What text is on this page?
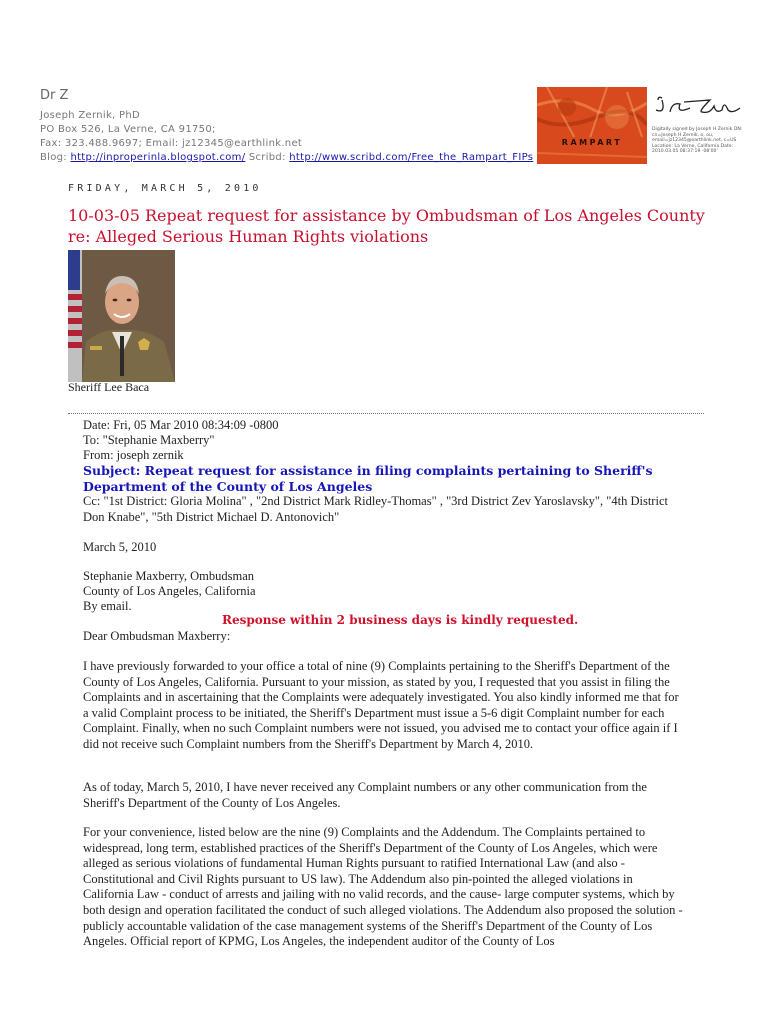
Dr Z
Joseph Zernik, PhD
PO Box 526, La Verne, CA 91750;
Fax: 323.488.9697; Email: jz12345@earthlink.net
Blog: http://inproperinla.blogspot.com/ Scribd: http://www.scribd.com/Free_the_Rampart_FIPs
RAMPART
Digitally signed by Joseph H Zernik DN: cn=Joseph H Zernik, o, ou, email=jz12345@earthlink.net, c=US Location: La Verne, California Date: 2010.03.05 08:37:19 -08'00'
FRIDAY, MARCH 5, 2010
10-03-05 Repeat request for assistance by Ombudsman of Los Angeles County re: Alleged Serious Human Rights violations
Sheriff Lee Baca
Date: Fri, 05 Mar 2010 08:34:09 -0800
To: "Stephanie Maxberry"
From: joseph zernik
Subject: Repeat request for assistance in filing complaints pertaining to Sheriff's Department of the County of Los Angeles
Cc: "1st District: Gloria Molina" , "2nd District Mark Ridley-Thomas" , "3rd District Zev Yaroslavsky", "4th District Don Knabe", "5th District Michael D. Antonovich"
March 5, 2010
Stephanie Maxberry, Ombudsman
County of Los Angeles, California
By email.
Response within 2 business days is kindly requested.
Dear Ombudsman Maxberry:

I have previously forwarded to your office a total of nine (9) Complaints pertaining to the Sheriff's Department of the County of Los Angeles, California. Pursuant to your mission, as stated by you, I requested that you assist in filing the Complaints and in ascertaining that the Complaints were adequately investigated. You also kindly informed me that for a valid Complaint process to be initiated, the Sheriff's Department must issue a 5-6 digit Complaint number for each Complaint. Finally, when no such Complaint numbers were not issued, you advised me to contact your office again if I did not receive such Complaint numbers from the Sheriff's Department by March 4, 2010.

As of today, March 5, 2010, I have never received any Complaint numbers or any other communication from the Sheriff's Department of the County of Los Angeles.

For your convenience, listed below are the nine (9) Complaints and the Addendum. The Complaints pertained to widespread, long term, established practices of the Sheriff's Department of the County of Los Angeles, which were alleged as serious violations of fundamental Human Rights pursuant to ratified International Law (and also - Constitutional and Civil Rights pursuant to US law). The Addendum also pin-pointed the alleged violations in California Law - conduct of arrests and jailing with no valid records, and the cause- large computer systems, which by both design and operation facilitated the conduct of such alleged violations. The Addendum also proposed the solution - publicly accountable validation of the case management systems of the Sheriff's Department of the County of Los Angeles. Official report of KPMG, Los Angeles, the independent auditor of the County of Los
